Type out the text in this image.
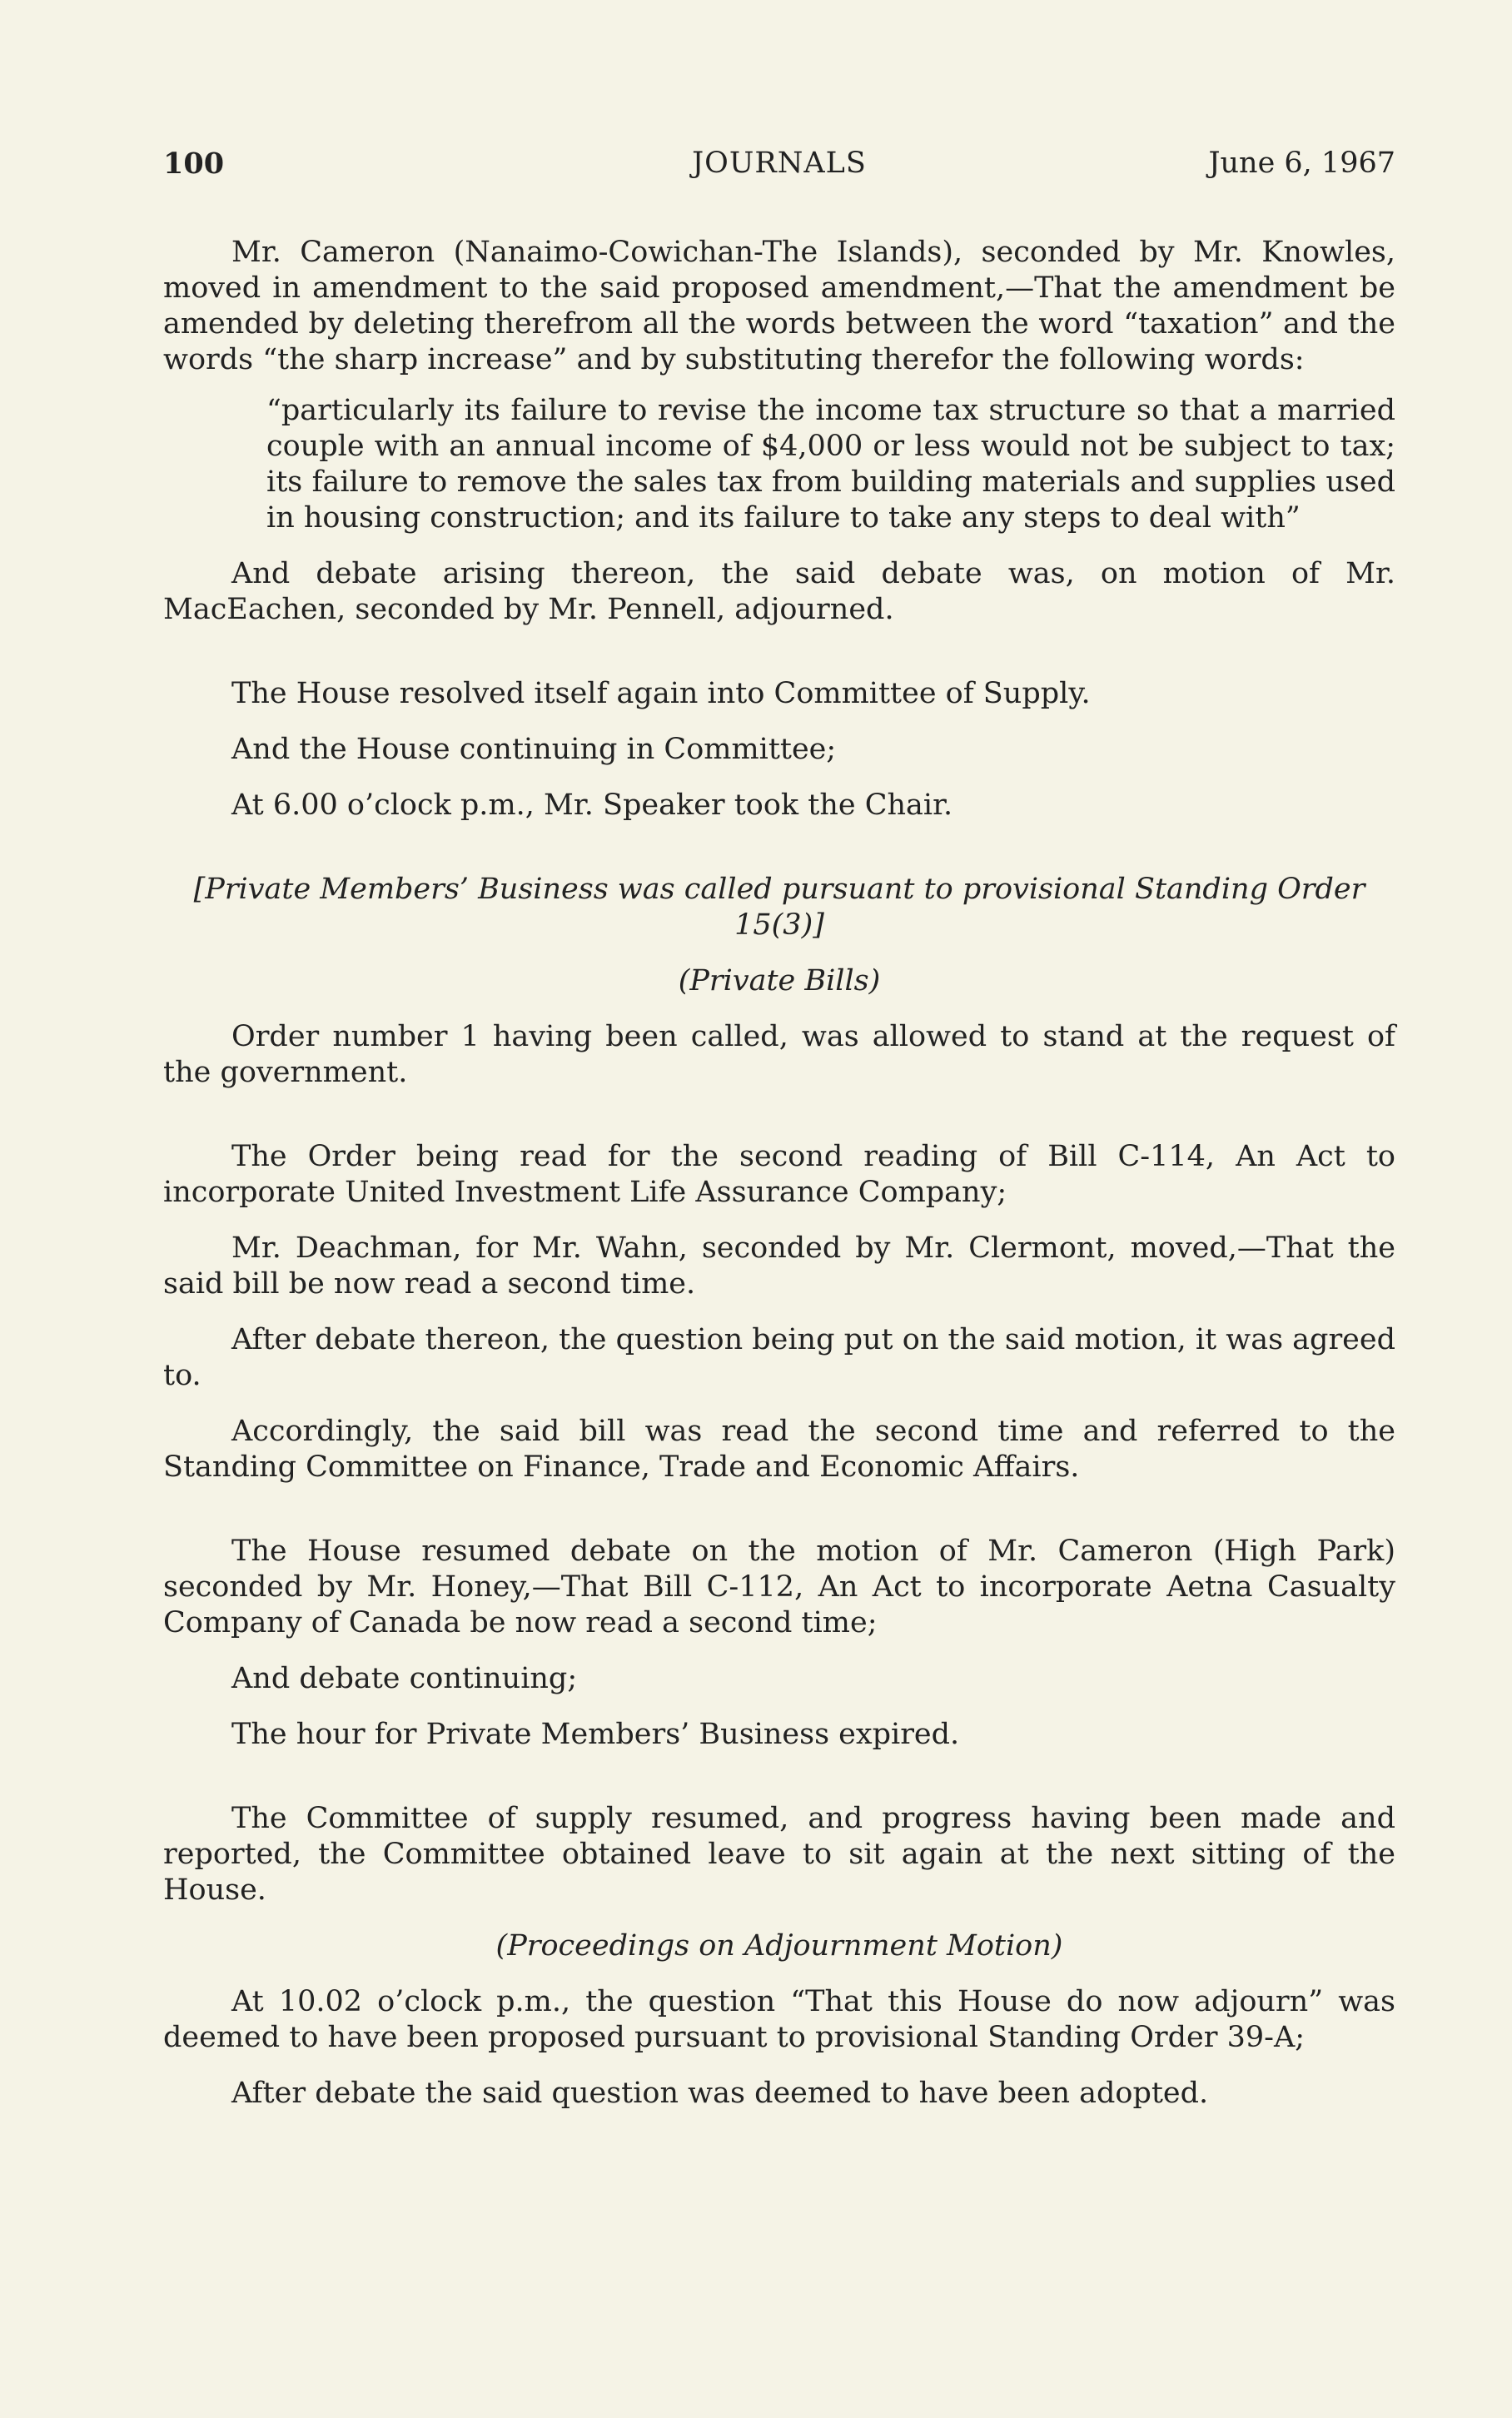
100	JOURNALS	June 6, 1967

Mr. Cameron (Nanaimo-Cowichan-The Islands), seconded by Mr. Knowles, moved in amendment to the said proposed amendment,—That the amendment be amended by deleting therefrom all the words between the word “taxation” and the words “the sharp increase” and by substituting therefor the following words:

“particularly its failure to revise the income tax structure so that a married couple with an annual income of $4,000 or less would not be subject to tax; its failure to remove the sales tax from building materials and supplies used in housing construction; and its failure to take any steps to deal with”

And debate arising thereon, the said debate was, on motion of Mr. MacEachen, seconded by Mr. Pennell, adjourned.

The House resolved itself again into Committee of Supply.

And the House continuing in Committee;

At 6.00 o’clock p.m., Mr. Speaker took the Chair.

[Private Members’ Business was called pursuant to provisional Standing Order 15(3)]

(Private Bills)

Order number 1 having been called, was allowed to stand at the request of the government.

The Order being read for the second reading of Bill C-114, An Act to incorporate United Investment Life Assurance Company;

Mr. Deachman, for Mr. Wahn, seconded by Mr. Clermont, moved,—That the said bill be now read a second time.

After debate thereon, the question being put on the said motion, it was agreed to.

Accordingly, the said bill was read the second time and referred to the Standing Committee on Finance, Trade and Economic Affairs.

The House resumed debate on the motion of Mr. Cameron (High Park) seconded by Mr. Honey,—That Bill C-112, An Act to incorporate Aetna Casualty Company of Canada be now read a second time;

And debate continuing;

The hour for Private Members’ Business expired.

The Committee of supply resumed, and progress having been made and reported, the Committee obtained leave to sit again at the next sitting of the House.

(Proceedings on Adjournment Motion)

At 10.02 o’clock p.m., the question “That this House do now adjourn” was deemed to have been proposed pursuant to provisional Standing Order 39-A;

After debate the said question was deemed to have been adopted.
